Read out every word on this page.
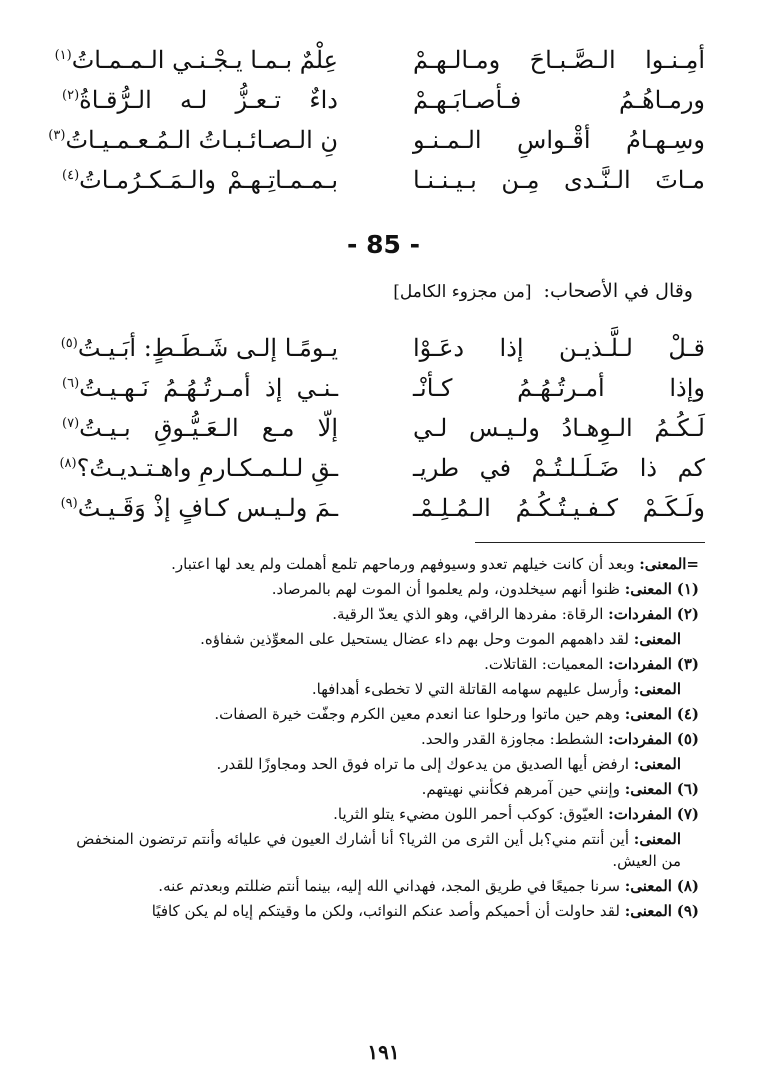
أمِـنـوا الـصَّـبـاحَ ومـالـهـمْ
عِلْمٌ بـمـا يـجْـنـي الـمـمـاتُ$^{(١)}$
ورمـاهُـمُ فـأصـابَـهـمْ
داءٌ تـعـزُّ لـه الـرُّقـاةُ$^{(٢)}$
وسِـهـامُ أقْـواسِ الـمـنـو
نِ الـصـائـبـاتُ الـمُـعـمـيـاتُ$^{(٣)}$
مـاتَ الـنَّـدى مِـن بـيـنـنـا
بـمـمـاتِـهـمْ والـمَـكـرُمـاتُ$^{(٤)}$
- 85 -
وقال في الأصحاب: [من مجزوء الكامل]
قـلْ لـلَّـذيـن إذا دعَـوْا
يـومًـا إلـى شَـطَـطٍ: أبَـيـتُ$^{(٥)}$
وإذا أمـرتُـهُـمُ كـأنْـ
ـنـي إذ أمـرتُـهُـمُ نَـهـيـتُ$^{(٦)}$
لَـكُـمُ الـوِهـادُ ولـيـس لـي
إلّا مـع الـعَـيُّـوقِ بـيـتُ$^{(٧)}$
كم ذا ضَـلَـلـتُـمْ في طريـ
ـقِ لـلـمـكـارمِ واهـتـديـتُ؟$^{(٨)}$
ولَـكَـمْ كـفـيـتُـكُـمُ الـمُـلِـمْـ
ـمَ ولـيـس كـافٍ إذْ وَقَـيـتُ$^{(٩)}$

=المعنى: وبعد أن كانت خيلهم تعدو وسيوفهم ورماحهم تلمع أهملت ولم يعد لها اعتبار.

(١) المعنى: ظنوا أنهم سيخلدون، ولم يعلموا أن الموت لهم بالمرصاد.

(٢) المفردات: الرقاة: مفردها الراقي، وهو الذي يعدّ الرقية.

المعنى: لقد داهمهم الموت وحل بهم داء عضال يستحيل على المعوِّذين شفاؤه.

(٣) المفردات: المعميات: القاتلات.

المعنى: وأرسل عليهم سهامه القاتلة التي لا تخطىء أهدافها.

(٤) المعنى: وهم حين ماتوا ورحلوا عنا انعدم معين الكرم وجفّت خيرة الصفات.

(٥) المفردات: الشطط: مجاوزة القدر والحد.

المعنى: ارفض أيها الصديق من يدعوك إلى ما تراه فوق الحد ومجاوزًا للقدر.

(٦) المعنى: وإنني حين آمرهم فكأنني نهيتهم.

(٧) المفردات: العيّوق: كوكب أحمر اللون مضيء يتلو الثريا.

المعنى: أين أنتم مني؟بل أين الثرى من الثريا؟ أنا أشارك العيون في عليائه وأنتم ترتضون المنخفض من العيش.

(٨) المعنى: سرنا جميعًا في طريق المجد، فهداني الله إليه، بينما أنتم ضللتم وبعدتم عنه.

(٩) المعنى: لقد حاولت أن أحميكم وأصد عنكم النوائب، ولكن ما وقيتكم إياه لم يكن كافيًا

١٩١
